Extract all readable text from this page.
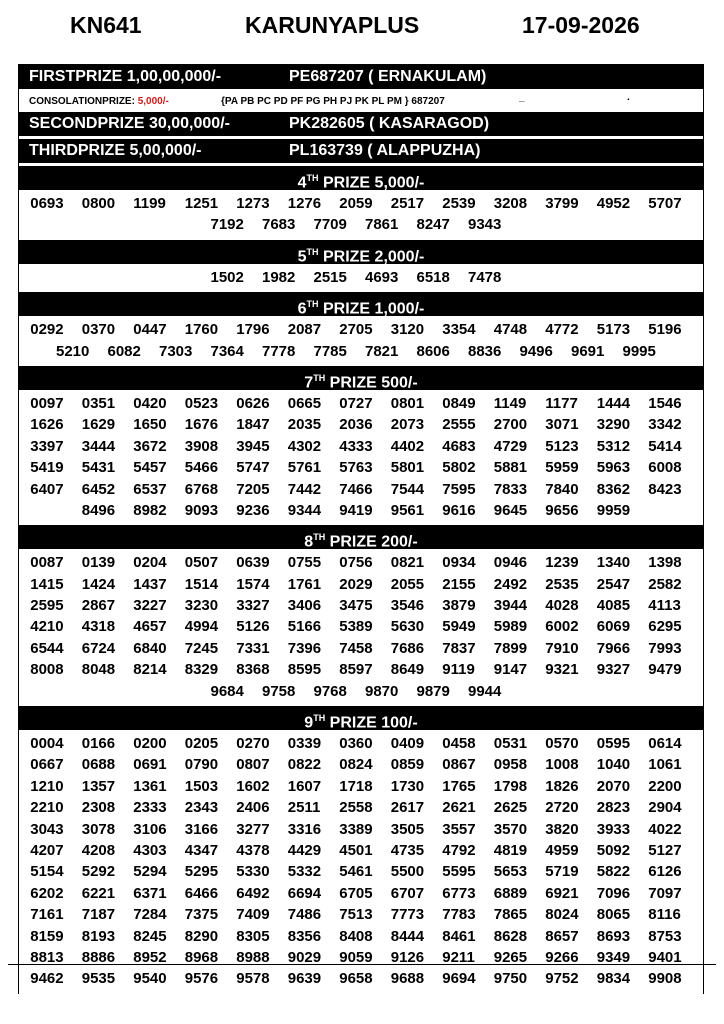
KN641	KARUNYAPLUS	17-09-2026
FIRSTPRIZE 1,00,00,000/-	PE687207 ( ERNAKULAM)
CONSOLATIONPRIZE: 5,000/-	{PA PB PC PD PF PG PH PJ PK PL PM } 687207	_	.
SECONDPRIZE 30,00,000/-	PK282605 ( KASARAGOD)
THIRDPRIZE 5,00,000/-	PL163739 ( ALAPPUZHA)
4TH PRIZE 5,000/-
0693	0800	1199	1251	1273	1276	2059	2517	2539	3208	3799	4952	5707
7192	7683	7709	7861	8247	9343
5TH PRIZE 2,000/-
1502	1982	2515	4693	6518	7478
6TH PRIZE 1,000/-
0292	0370	0447	1760	1796	2087	2705	3120	3354	4748	4772	5173	5196
5210	6082	7303	7364	7778	7785	7821	8606	8836	9496	9691	9995
7TH PRIZE 500/-
0097	0351	0420	0523	0626	0665	0727	0801	0849	1149	1177	1444	1546
1626	1629	1650	1676	1847	2035	2036	2073	2555	2700	3071	3290	3342
3397	3444	3672	3908	3945	4302	4333	4402	4683	4729	5123	5312	5414
5419	5431	5457	5466	5747	5761	5763	5801	5802	5881	5959	5963	6008
6407	6452	6537	6768	7205	7442	7466	7544	7595	7833	7840	8362	8423
8496	8982	9093	9236	9344	9419	9561	9616	9645	9656	9959
8TH PRIZE 200/-
0087	0139	0204	0507	0639	0755	0756	0821	0934	0946	1239	1340	1398
1415	1424	1437	1514	1574	1761	2029	2055	2155	2492	2535	2547	2582
2595	2867	3227	3230	3327	3406	3475	3546	3879	3944	4028	4085	4113
4210	4318	4657	4994	5126	5166	5389	5630	5949	5989	6002	6069	6295
6544	6724	6840	7245	7331	7396	7458	7686	7837	7899	7910	7966	7993
8008	8048	8214	8329	8368	8595	8597	8649	9119	9147	9321	9327	9479
9684	9758	9768	9870	9879	9944
9TH PRIZE 100/-
0004	0166	0200	0205	0270	0339	0360	0409	0458	0531	0570	0595	0614
0667	0688	0691	0790	0807	0822	0824	0859	0867	0958	1008	1040	1061
1210	1357	1361	1503	1602	1607	1718	1730	1765	1798	1826	2070	2200
2210	2308	2333	2343	2406	2511	2558	2617	2621	2625	2720	2823	2904
3043	3078	3106	3166	3277	3316	3389	3505	3557	3570	3820	3933	4022
4207	4208	4303	4347	4378	4429	4501	4735	4792	4819	4959	5092	5127
5154	5292	5294	5295	5330	5332	5461	5500	5595	5653	5719	5822	6126
6202	6221	6371	6466	6492	6694	6705	6707	6773	6889	6921	7096	7097
7161	7187	7284	7375	7409	7486	7513	7773	7783	7865	8024	8065	8116
8159	8193	8245	8290	8305	8356	8408	8444	8461	8628	8657	8693	8753
8813	8886	8952	8968	8988	9029	9059	9126	9211	9265	9266	9349	9401
9462	9535	9540	9576	9578	9639	9658	9688	9694	9750	9752	9834	9908
